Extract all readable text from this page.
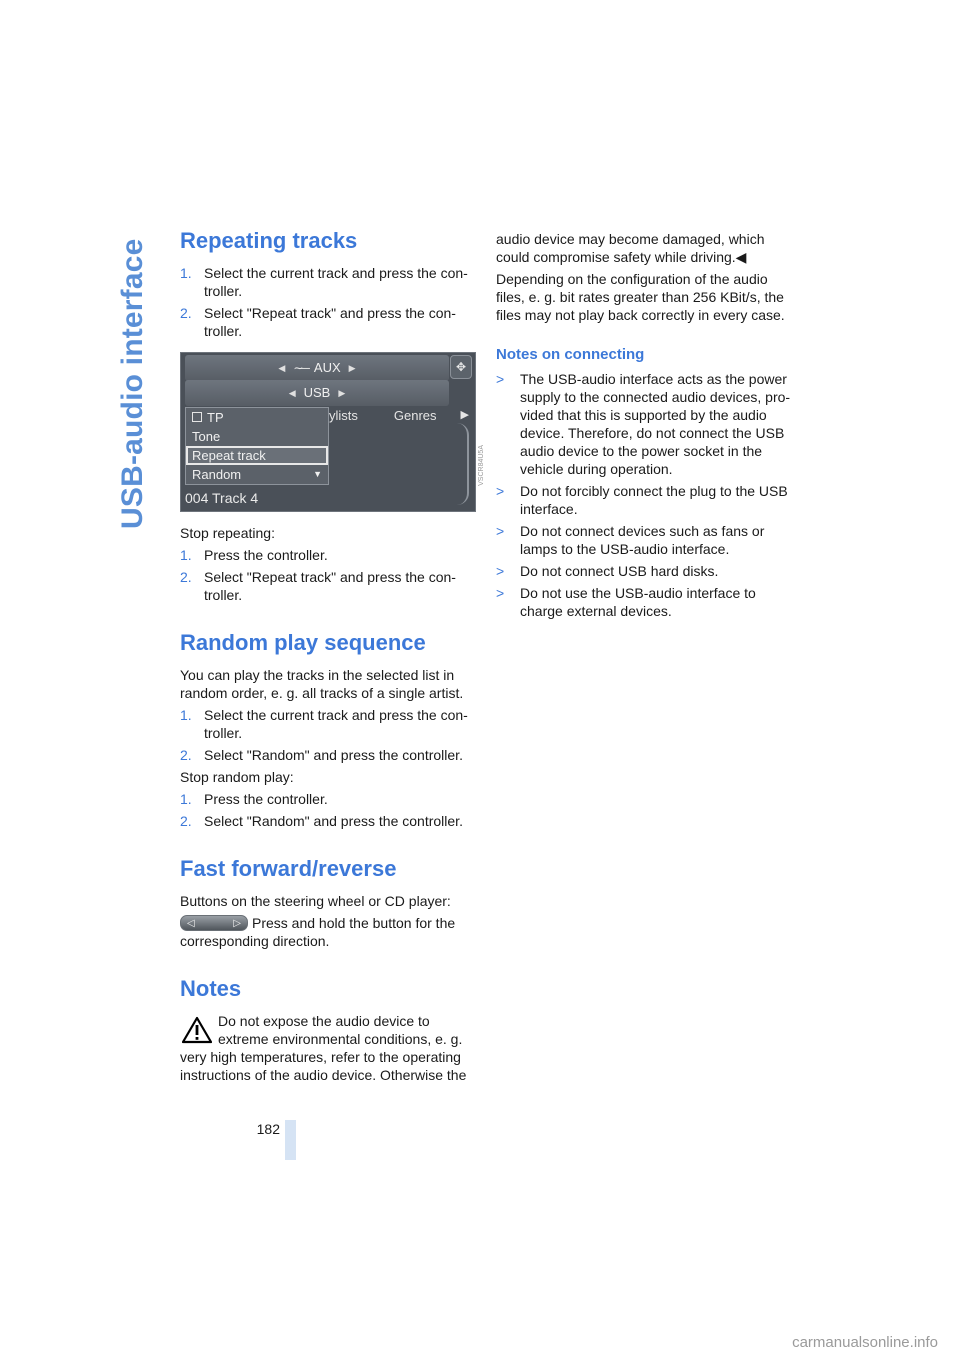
USB-audio interface Repeating tracks
1. Select the current track and press the con-
troller.
2. Select "Repeat track" and press the con-
troller.
◀ ∼─ AUX ▶	✥
◀ USB ▶
ylists	Genres ▶
TP
Tone
Repeat track
Random	▼
004 Track 4
VSCR84U5A

Stop repeating:

1. Press the controller.
2. Select "Repeat track" and press the con-
troller.
Random play sequence

You can play the tracks in the selected list in random order, e. g. all tracks of a single artist.

1. Select the current track and press the con-
troller.
2. Select "Random" and press the controller.

Stop random play:

1. Press the controller.
2. Select "Random" and press the controller.
Fast forward/reverse

Buttons on the steering wheel or CD player:

◁	▷ Press and hold the button for the corresponding direction.

Notes

Do not expose the audio device to extreme environmental conditions, e. g. very high temperatures, refer to the operating instructions of the audio device. Otherwise the

audio device may become damaged, which could compromise safety while driving.◀

Depending on the configuration of the audio files, e. g. bit rates greater than 256 KBit/s, the files may not play back correctly in every case.

Notes on connecting
> The USB-audio interface acts as the power supply to the connected audio devices, pro-vided that this is supported by the audio device. Therefore, do not connect the USB audio device to the power socket in the vehicle during operation.
> Do not forcibly connect the plug to the USB interface.
> Do not connect devices such as fans or lamps to the USB-audio interface.
> Do not connect USB hard disks.
> Do not use the USB-audio interface to charge external devices.
182
carmanualsonline.info
